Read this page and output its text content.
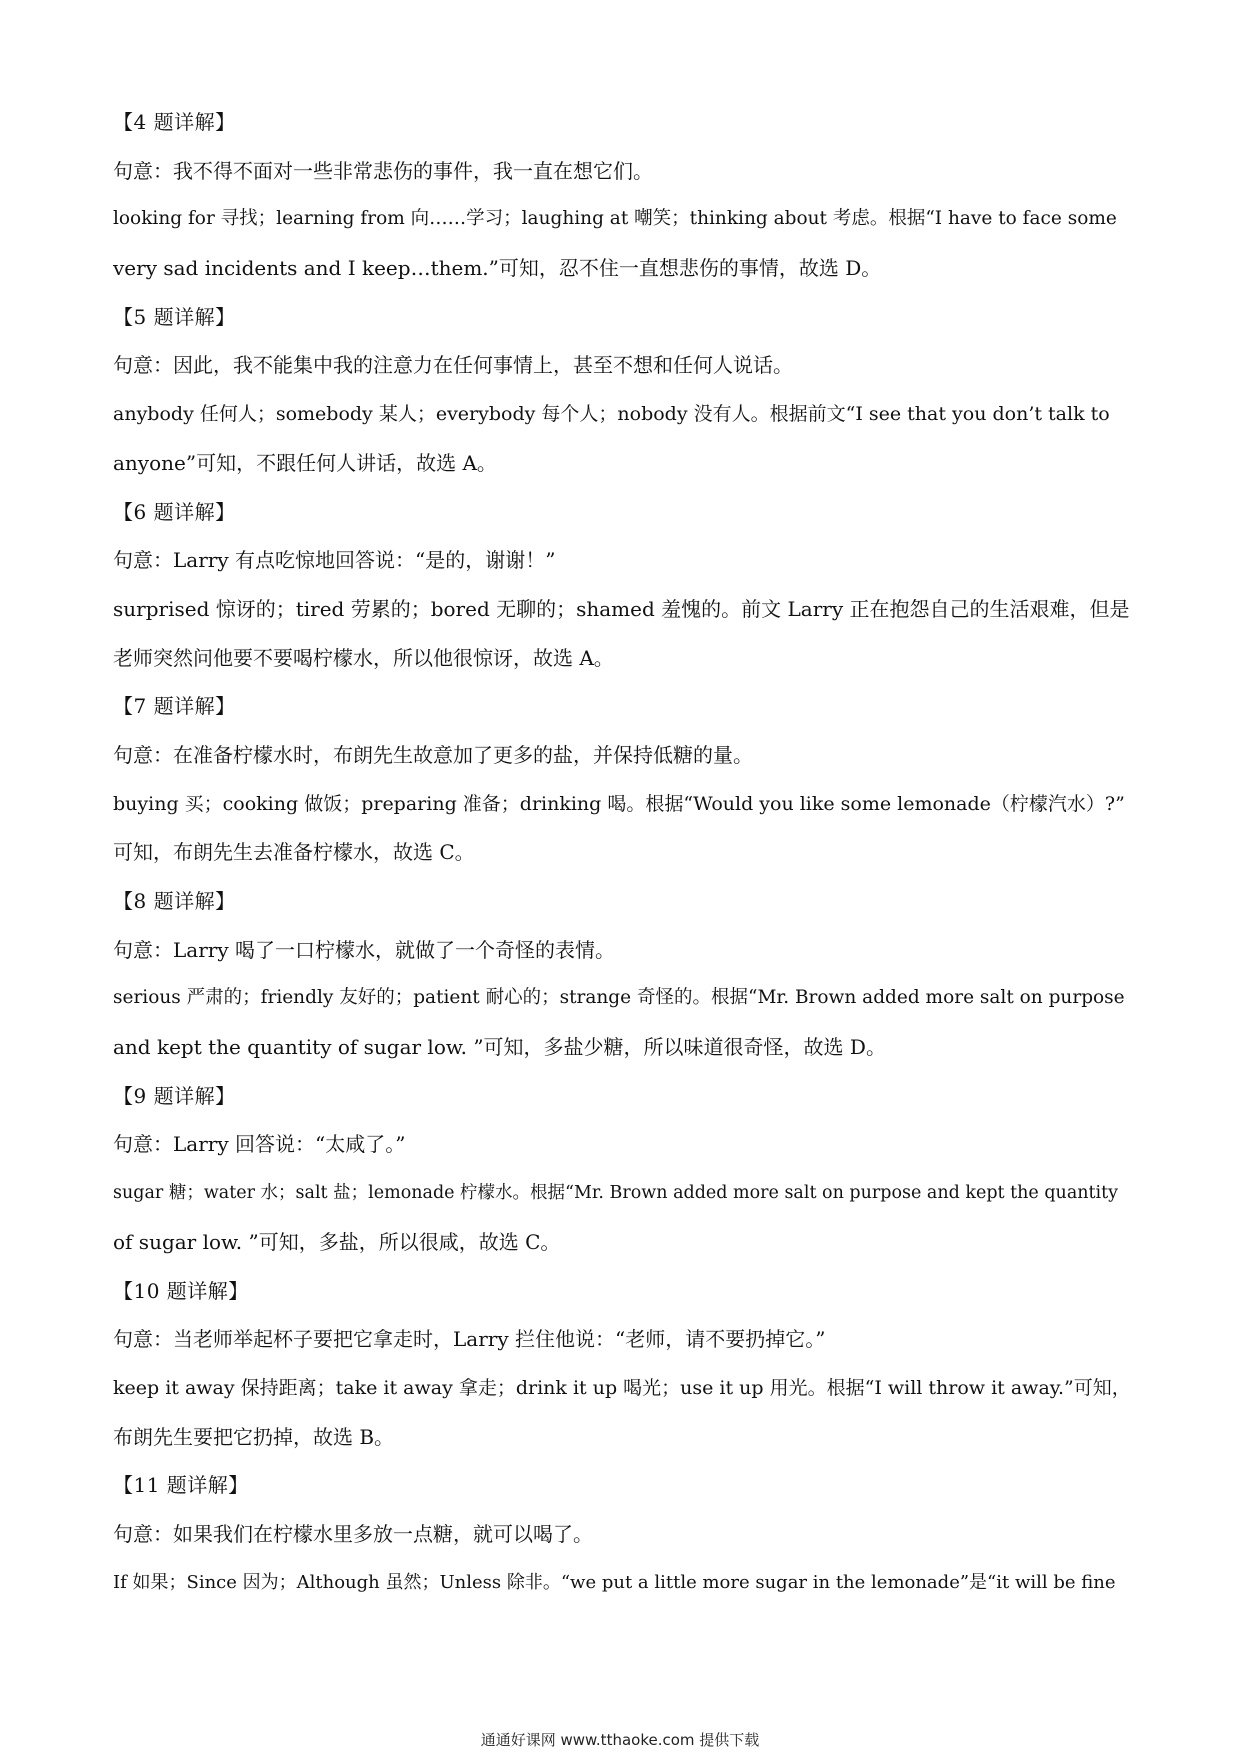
【4 题详解】
句意：我不得不面对一些非常悲伤的事件，我一直在想它们。
looking for 寻找；learning from 向……学习；laughing at 嘲笑；thinking about 考虑。根据“I have to face some
very sad incidents and I keep…them.”可知，忍不住一直想悲伤的事情，故选 D。
【5 题详解】
句意：因此，我不能集中我的注意力在任何事情上，甚至不想和任何人说话。
anybody 任何人；somebody 某人；everybody 每个人；nobody 没有人。根据前文“I see that you don’t talk to
anyone”可知，不跟任何人讲话，故选 A。
【6 题详解】
句意：Larry 有点吃惊地回答说：“是的，谢谢！”
surprised 惊讶的；tired 劳累的；bored 无聊的；shamed 羞愧的。前文 Larry 正在抱怨自己的生活艰难，但是
老师突然问他要不要喝柠檬水，所以他很惊讶，故选 A。
【7 题详解】
句意：在准备柠檬水时，布朗先生故意加了更多的盐，并保持低糖的量。
buying 买；cooking 做饭；preparing 准备；drinking 喝。根据“Would you like some lemonade（柠檬汽水）?”
可知，布朗先生去准备柠檬水，故选 C。
【8 题详解】
句意：Larry 喝了一口柠檬水，就做了一个奇怪的表情。
serious 严肃的；friendly 友好的；patient 耐心的；strange 奇怪的。根据“Mr. Brown added more salt on purpose
and kept the quantity of sugar low. ”可知，多盐少糖，所以味道很奇怪，故选 D。
【9 题详解】
句意：Larry 回答说：“太咸了。”
sugar 糖；water 水；salt 盐；lemonade 柠檬水。根据“Mr. Brown added more salt on purpose and kept the quantity
of sugar low. ”可知，多盐，所以很咸，故选 C。
【10 题详解】
句意：当老师举起杯子要把它拿走时，Larry 拦住他说：“老师，请不要扔掉它。”
keep it away 保持距离；take it away 拿走；drink it up 喝光；use it up 用光。根据“I will throw it away.”可知，
布朗先生要把它扔掉，故选 B。
【11 题详解】
句意：如果我们在柠檬水里多放一点糖，就可以喝了。
If 如果；Since 因为；Although 虽然；Unless 除非。“we put a little more sugar in the lemonade”是“it will be fine
通通好课网 www.tthaoke.com 提供下载
